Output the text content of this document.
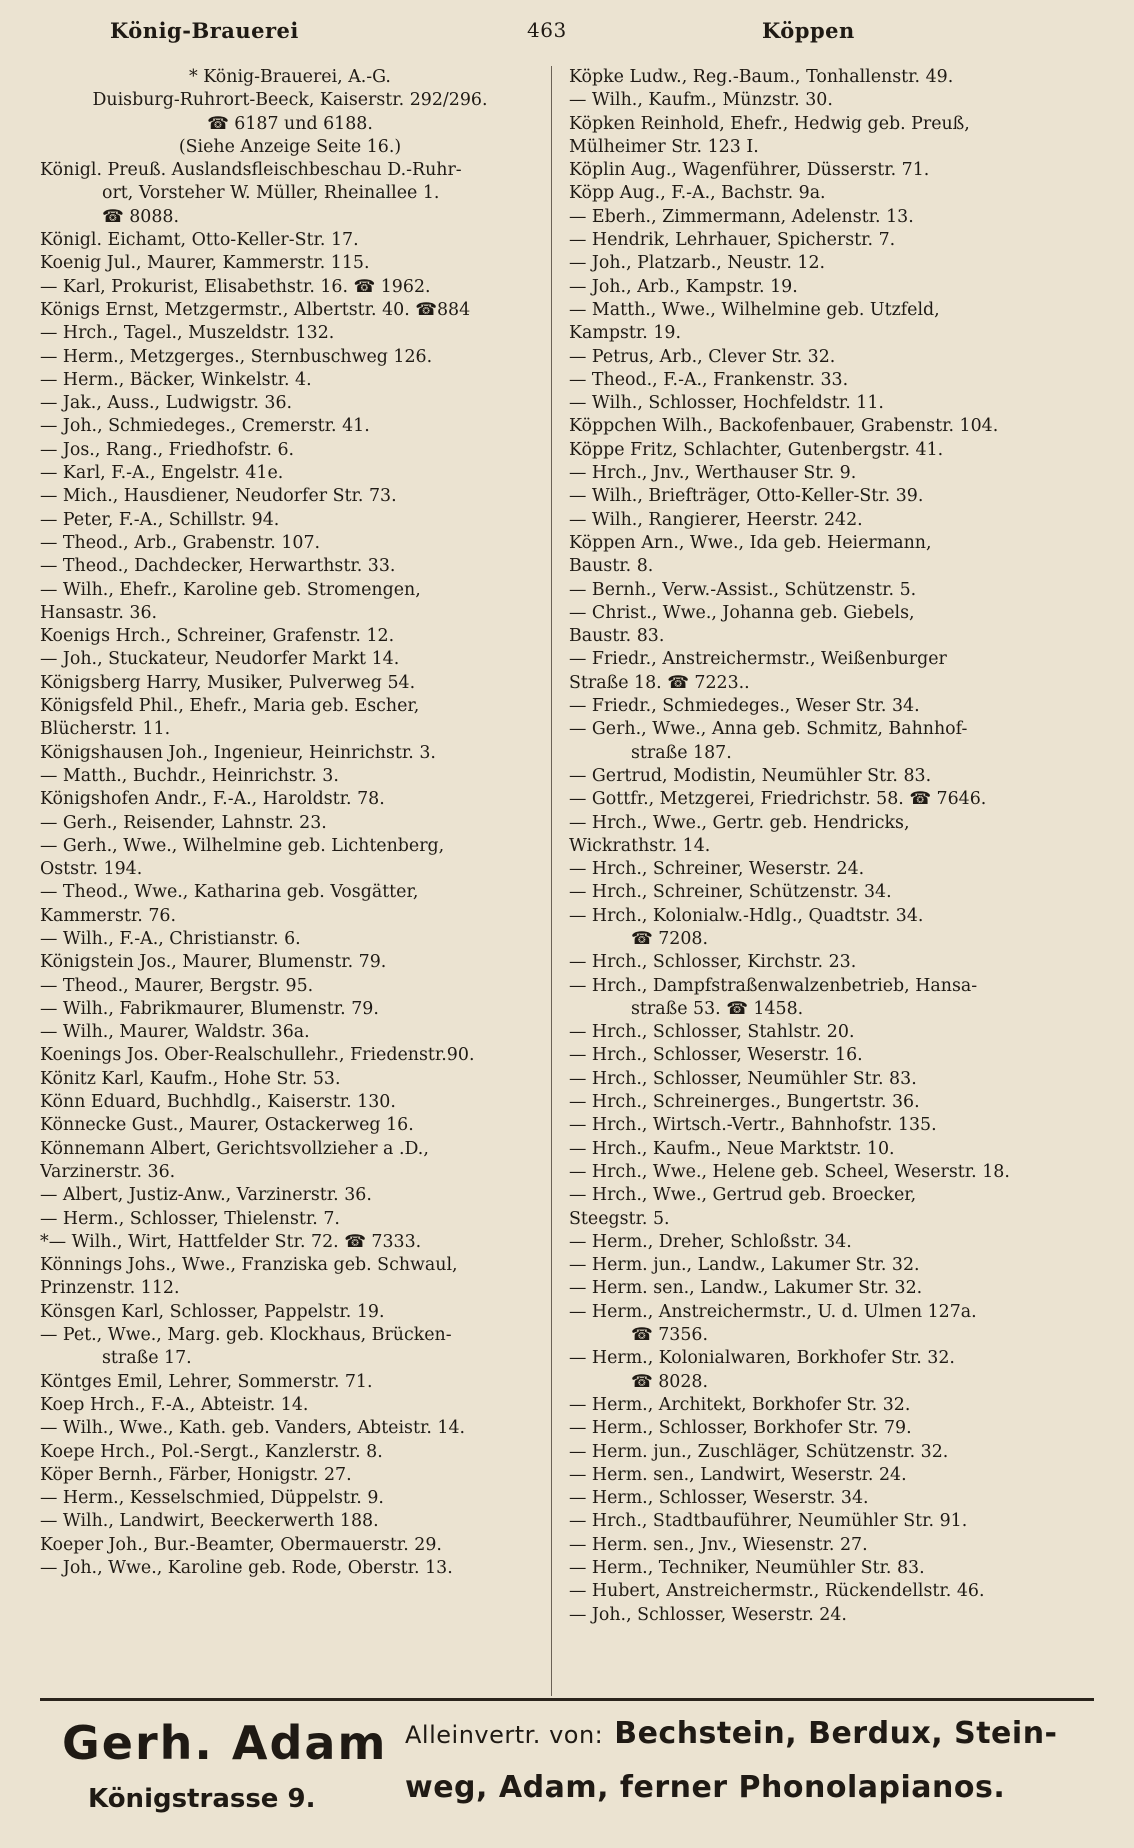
König-Brauerei	463	Köppen
* König-Brauerei, A.-G.
Duisburg-Ruhrort-Beeck, Kaiserstr. 292/296.
☎ 6187 und 6188.
(Siehe Anzeige Seite 16.)
Königl. Preuß. Auslandsfleischbeschau D.-Ruhr-
ort, Vorsteher W. Müller, Rheinallee 1.
☎ 8088.
Königl. Eichamt, Otto-Keller-Str. 17.
Koenig Jul., Maurer, Kammerstr. 115.
— Karl, Prokurist, Elisabethstr. 16. ☎ 1962.
Königs Ernst, Metzgermstr., Albertstr. 40. ☎884
— Hrch., Tagel., Muszeldstr. 132.
— Herm., Metzgerges., Sternbuschweg 126.
— Herm., Bäcker, Winkelstr. 4.
— Jak., Auss., Ludwigstr. 36.
— Joh., Schmiedeges., Cremerstr. 41.
— Jos., Rang., Friedhofstr. 6.
— Karl, F.-A., Engelstr. 41e.
— Mich., Hausdiener, Neudorfer Str. 73.
— Peter, F.-A., Schillstr. 94.
— Theod., Arb., Grabenstr. 107.
— Theod., Dachdecker, Herwarthstr. 33.
— Wilh., Ehefr., Karoline geb. Stromengen,
Hansastr. 36.
Koenigs Hrch., Schreiner, Grafenstr. 12.
— Joh., Stuckateur, Neudorfer Markt 14.
Königsberg Harry, Musiker, Pulverweg 54.
Königsfeld Phil., Ehefr., Maria geb. Escher,
Blücherstr. 11.
Königshausen Joh., Ingenieur, Heinrichstr. 3.
— Matth., Buchdr., Heinrichstr. 3.
Königshofen Andr., F.-A., Haroldstr. 78.
— Gerh., Reisender, Lahnstr. 23.
— Gerh., Wwe., Wilhelmine geb. Lichtenberg,
Oststr. 194.
— Theod., Wwe., Katharina geb. Vosgätter,
Kammerstr. 76.
— Wilh., F.-A., Christianstr. 6.
Königstein Jos., Maurer, Blumenstr. 79.
— Theod., Maurer, Bergstr. 95.
— Wilh., Fabrikmaurer, Blumenstr. 79.
— Wilh., Maurer, Waldstr. 36a.
Koenings Jos. Ober-Realschullehr., Friedenstr.90.
Könitz Karl, Kaufm., Hohe Str. 53.
Könn Eduard, Buchhdlg., Kaiserstr. 130.
Könnecke Gust., Maurer, Ostackerweg 16.
Könnemann Albert, Gerichtsvollzieher a .D.,
Varzinerstr. 36.
— Albert, Justiz-Anw., Varzinerstr. 36.
— Herm., Schlosser, Thielenstr. 7.
*— Wilh., Wirt, Hattfelder Str. 72. ☎ 7333.
Könnings Johs., Wwe., Franziska geb. Schwaul,
Prinzenstr. 112.
Könsgen Karl, Schlosser, Pappelstr. 19.
— Pet., Wwe., Marg. geb. Klockhaus, Brücken-
straße 17.
Köntges Emil, Lehrer, Sommerstr. 71.
Koep Hrch., F.-A., Abteistr. 14.
— Wilh., Wwe., Kath. geb. Vanders, Abteistr. 14.
Koepe Hrch., Pol.-Sergt., Kanzlerstr. 8.
Köper Bernh., Färber, Honigstr. 27.
— Herm., Kesselschmied, Düppelstr. 9.
— Wilh., Landwirt, Beeckerwerth 188.
Koeper Joh., Bur.-Beamter, Obermauerstr. 29.
— Joh., Wwe., Karoline geb. Rode, Oberstr. 13.
Köpke Ludw., Reg.-Baum., Tonhallenstr. 49.
— Wilh., Kaufm., Münzstr. 30.
Köpken Reinhold, Ehefr., Hedwig geb. Preuß,
Mülheimer Str. 123 I.
Köplin Aug., Wagenführer, Düsserstr. 71.
Köpp Aug., F.-A., Bachstr. 9a.
— Eberh., Zimmermann, Adelenstr. 13.
— Hendrik, Lehrhauer, Spicherstr. 7.
— Joh., Platzarb., Neustr. 12.
— Joh., Arb., Kampstr. 19.
— Matth., Wwe., Wilhelmine geb. Utzfeld,
Kampstr. 19.
— Petrus, Arb., Clever Str. 32.
— Theod., F.-A., Frankenstr. 33.
— Wilh., Schlosser, Hochfeldstr. 11.
Köppchen Wilh., Backofenbauer, Grabenstr. 104.
Köppe Fritz, Schlachter, Gutenbergstr. 41.
— Hrch., Jnv., Werthauser Str. 9.
— Wilh., Briefträger, Otto-Keller-Str. 39.
— Wilh., Rangierer, Heerstr. 242.
Köppen Arn., Wwe., Ida geb. Heiermann,
Baustr. 8.
— Bernh., Verw.-Assist., Schützenstr. 5.
— Christ., Wwe., Johanna geb. Giebels,
Baustr. 83.
— Friedr., Anstreichermstr., Weißenburger
Straße 18. ☎ 7223..
— Friedr., Schmiedeges., Weser Str. 34.
— Gerh., Wwe., Anna geb. Schmitz, Bahnhof-
straße 187.
— Gertrud, Modistin, Neumühler Str. 83.
— Gottfr., Metzgerei, Friedrichstr. 58. ☎ 7646.
— Hrch., Wwe., Gertr. geb. Hendricks,
Wickrathstr. 14.
— Hrch., Schreiner, Weserstr. 24.
— Hrch., Schreiner, Schützenstr. 34.
— Hrch., Kolonialw.-Hdlg., Quadtstr. 34.
☎ 7208.
— Hrch., Schlosser, Kirchstr. 23.
— Hrch., Dampfstraßenwalzenbetrieb, Hansa-
straße 53. ☎ 1458.
— Hrch., Schlosser, Stahlstr. 20.
— Hrch., Schlosser, Weserstr. 16.
— Hrch., Schlosser, Neumühler Str. 83.
— Hrch., Schreinerges., Bungertstr. 36.
— Hrch., Wirtsch.-Vertr., Bahnhofstr. 135.
— Hrch., Kaufm., Neue Marktstr. 10.
— Hrch., Wwe., Helene geb. Scheel, Weserstr. 18.
— Hrch., Wwe., Gertrud geb. Broecker,
Steegstr. 5.
— Herm., Dreher, Schloßstr. 34.
— Herm. jun., Landw., Lakumer Str. 32.
— Herm. sen., Landw., Lakumer Str. 32.
— Herm., Anstreichermstr., U. d. Ulmen 127a.
☎ 7356.
— Herm., Kolonialwaren, Borkhofer Str. 32.
☎ 8028.
— Herm., Architekt, Borkhofer Str. 32.
— Herm., Schlosser, Borkhofer Str. 79.
— Herm. jun., Zuschläger, Schützenstr. 32.
— Herm. sen., Landwirt, Weserstr. 24.
— Herm., Schlosser, Weserstr. 34.
— Hrch., Stadtbauführer, Neumühler Str. 91.
— Herm. sen., Jnv., Wiesenstr. 27.
— Herm., Techniker, Neumühler Str. 83.
— Hubert, Anstreichermstr., Rückendellstr. 46.
— Joh., Schlosser, Weserstr. 24.
Gerh. Adam
Königstrasse 9.
Alleinvertr. von: Bechstein, Berdux, Stein-
weg, Adam, ferner Phonolapianos.
